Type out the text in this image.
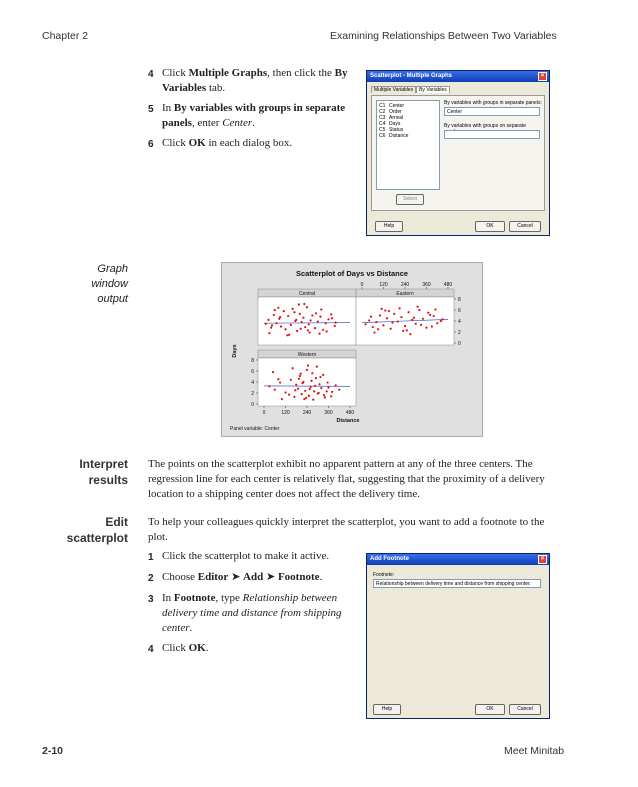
Chapter 2	Examining Relationships Between Two Variables
4 Click Multiple Graphs, then click the By Variables tab.
5 In By variables with groups in separate panels, enter Center.
6 Click OK in each dialog box.
Scatterplot - Multiple Graphs	×
Multiple Variables By Variables
C1 Center
C2 Order
C3 Arrival
C4 Days
C5 Status
C6 Distance
By variables with groups in separate panels:
Center
By variables with groups on separate
Select
Help	OK	Cancel
Graph
window
output
Scatterplot of Days vs Distance
Central	Eastern
Western
0	120	240	360	480
0	120	240	360	480
0
2
4
6
8
0
2
4
6
8
Distance
Days
Panel variable: Center
Interpret
results
The points on the scatterplot exhibit no apparent pattern at any of the three centers. The regression line for each center is relatively flat, suggesting that the proximity of a delivery location to a shipping center does not affect the delivery time.
Edit
scatterplot
To help your colleagues quickly interpret the scatterplot, you want to add a footnote to the plot.
1 Click the scatterplot to make it active.
2 Choose Editor ➤ Add ➤ Footnote.
3 In Footnote, type Relationship between delivery time and distance from shipping center.
4 Click OK.
Add Footnote	×
Footnote:
Relationship between delivery time and distance from shipping center.
Help	OK	Cancel
2-10	Meet Minitab
